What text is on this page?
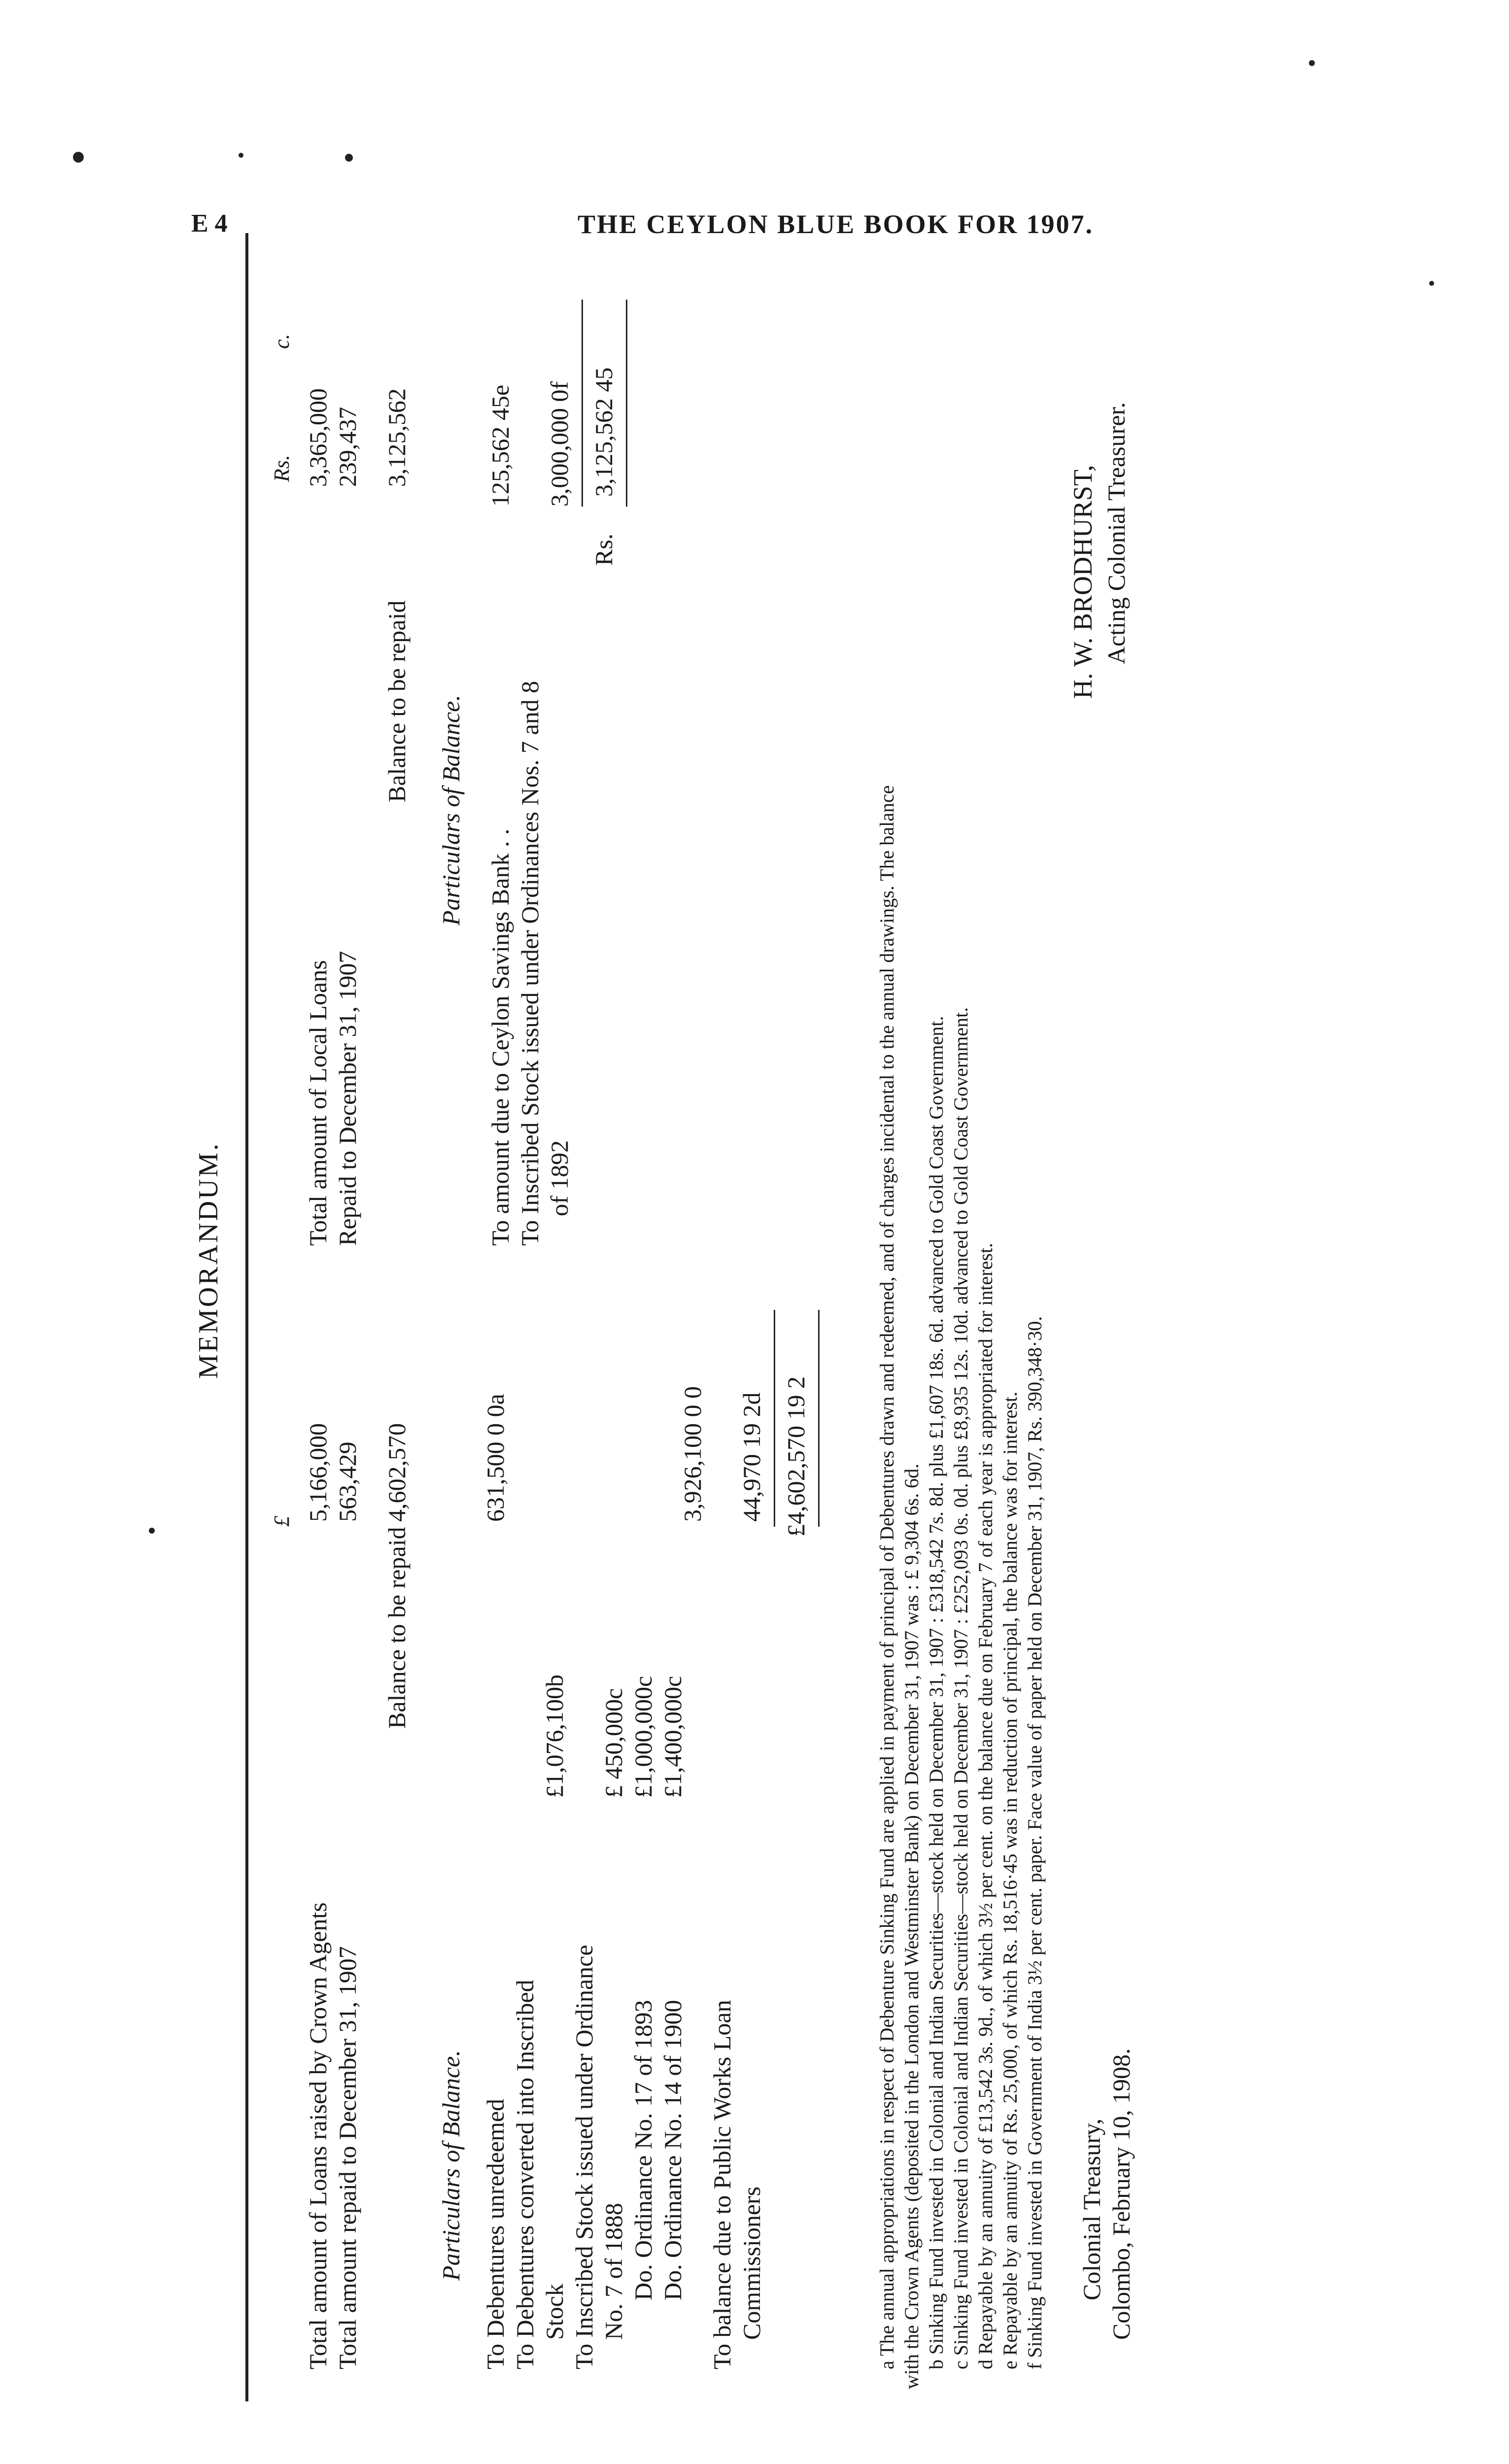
MEMORANDUM.
£
Total amount of Loans raised by Crown Agents Total amount repaid to December 31, 1907
5,166,000 563,429
Balance to be repaid
4,602,570
Particulars of Balance. To Debentures unredeemed
631,500 0 0a
To Debentures converted into Inscribed Stock
£1,076,100b
To Inscribed Stock issued under Ordinance No. 7 of 1888
£ 450,000c
Do. Ordinance No. 17 of 1893
£1,000,000c
Do. Ordinance No. 14 of 1900
£1,400,000c
3,926,100 0 0
To balance due to Public Works Loan Commissioners
44,970 19 2d £4,602,570 19 2
Rs.
c.
Total amount of Local Loans Repaid to December 31, 1907
3,365,000 239,437
Balance to be repaid
3,125,562
Particulars of Balance.
To amount due to Ceylon Savings Bank . .
125,562 45e
To Inscribed Stock issued under Ordinances Nos. 7 and 8 of 1892
3,000,000 0f
Rs.
3,125,562 45
a The annual appropriations in respect of Debenture Sinking Fund are applied in payment of principal of Debentures drawn and redeemed, and of charges incidental to the annual drawings. The balance with the Crown Agents (deposited in the London and Westminster Bank) on December 31, 1907 was : £ 9,304 6s. 6d. b Sinking Fund invested in Colonial and Indian Securities—stock held on December 31, 1907 : £318,542 7s. 8d. plus £1,607 18s. 6d. advanced to Gold Coast Government. c Sinking Fund invested in Colonial and Indian Securities—stock held on December 31, 1907 : £252,093 0s. 0d. plus £8,935 12s. 10d. advanced to Gold Coast Government. d Repayable by an annuity of £13,542 3s. 9d., of which 3½ per cent. on the balance due on February 7 of each year is appropriated for interest. e Repayable by an annuity of Rs. 25,000, of which Rs. 18,516·45 was in reduction of principal, the balance was for interest. f Sinking Fund invested in Government of India 3½ per cent. paper. Face value of paper held on December 31, 1907, Rs. 390,348·30. Colonial Treasury, Colombo, February 10, 1908.
H. W. BRODHURST, Acting Colonial Treasurer.
E 4	THE CEYLON BLUE BOOK FOR 1907.
